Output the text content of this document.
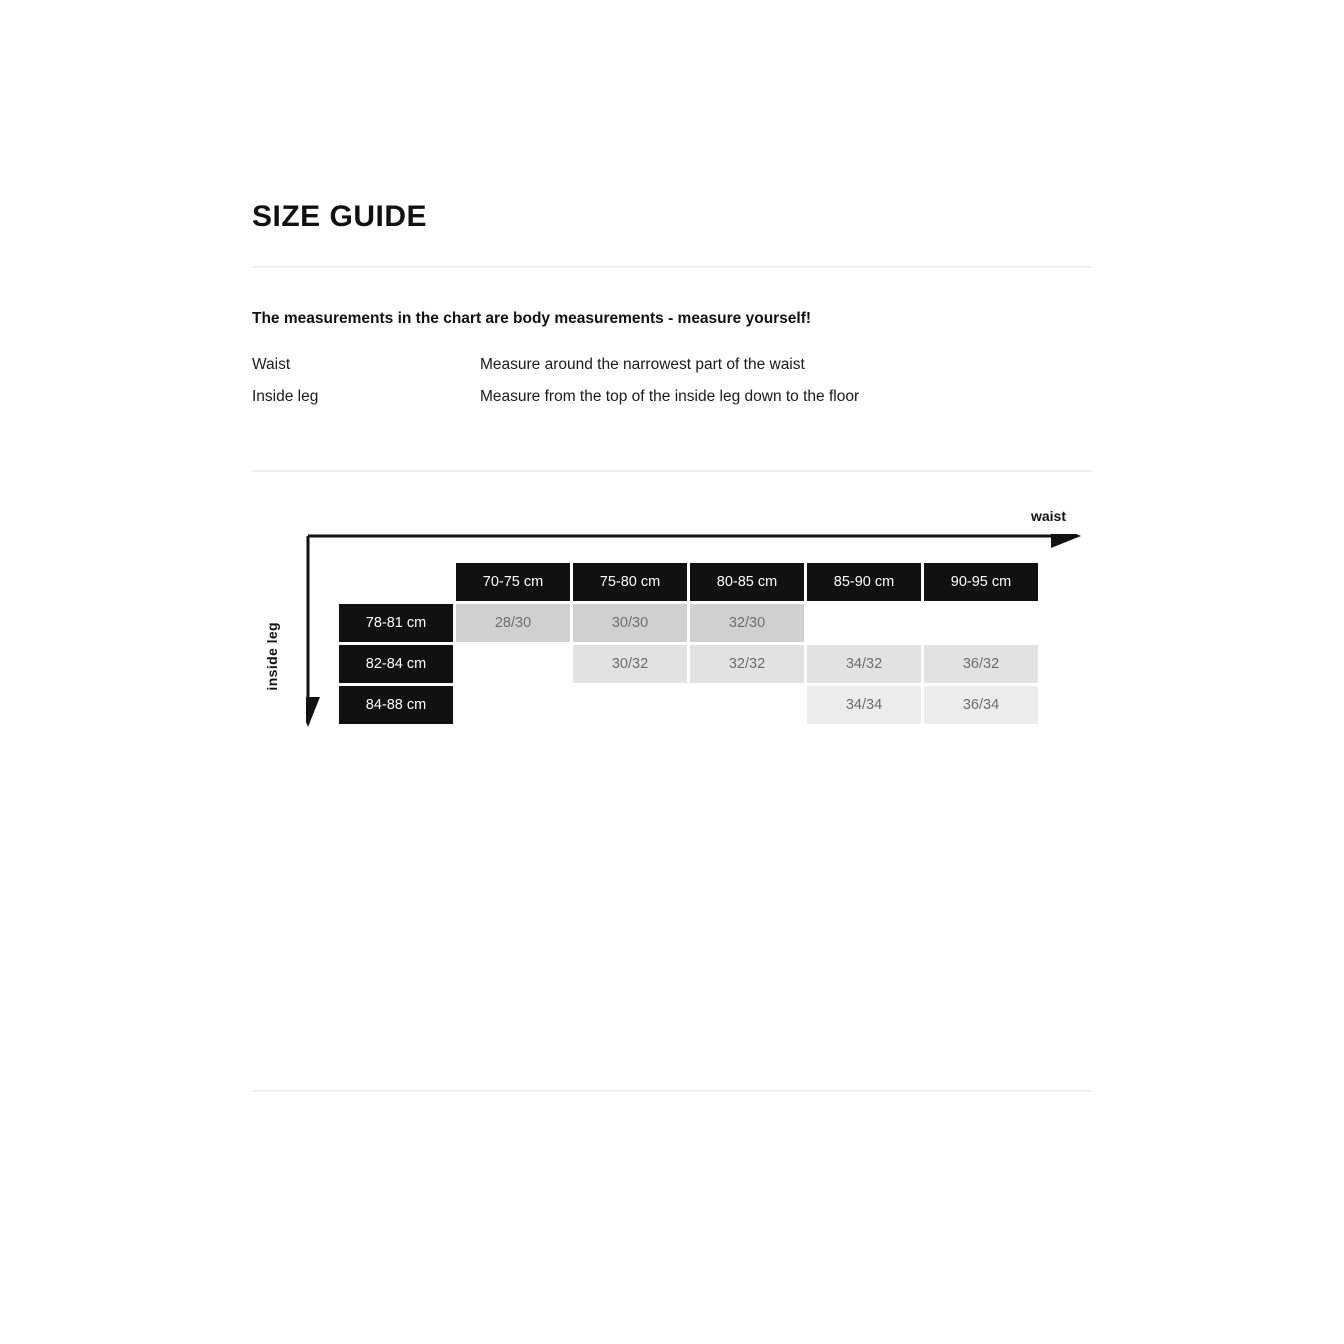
SIZE GUIDE

The measurements in the chart are body measurements - measure yourself!

Waist	Measure around the narrowest part of the waist
Inside leg	Measure from the top of the inside leg down to the floor
waist
inside leg
	70-75 cm	75-80 cm	80-85 cm	85-90 cm	90-95 cm
78-81 cm	28/30	30/30	32/30		
82-84 cm		30/32	32/32	34/32	36/32
84-88 cm				34/34	36/34
